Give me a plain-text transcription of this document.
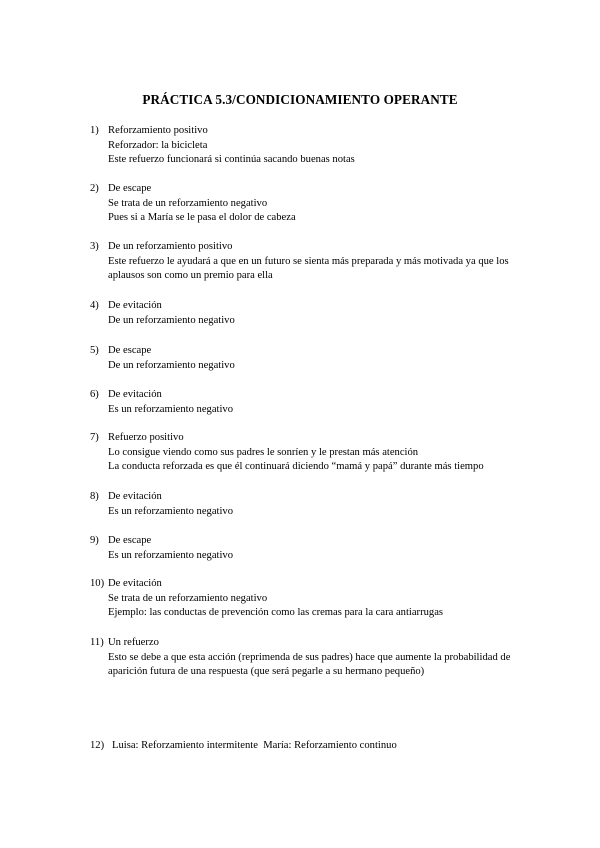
PRÁCTICA 5.3/CONDICIONAMIENTO OPERANTE
1) Reforzamiento positivo
Reforzador: la bicicleta
Este refuerzo funcionará si continúa sacando buenas notas
2) De escape
Se trata de un reforzamiento negativo
Pues si a María se le pasa el dolor de cabeza
3) De un reforzamiento positivo
Este refuerzo le ayudará a que en un futuro se sienta más preparada y más motivada ya que los aplausos son como un premio para ella
4) De evitación
De un reforzamiento negativo
5) De escape
De un reforzamiento negativo
6) De evitación
Es un reforzamiento negativo
7) Refuerzo positivo
Lo consigue viendo como sus padres le sonríen y le prestan más atención
La conducta reforzada es que él continuará diciendo “mamá y papá” durante más tiempo
8) De evitación
Es un reforzamiento negativo
9) De escape
Es un reforzamiento negativo
10) De evitación
Se trata de un reforzamiento negativo
Ejemplo: las conductas de prevención como las cremas para la cara antiarrugas
11) Un refuerzo
Esto se debe a que esta acción (reprimenda de sus padres) hace que aumente la probabilidad de aparición futura de una respuesta (que será pegarle a su hermano pequeño)
12) Luisa: Reforzamiento intermitente  María: Reforzamiento continuo
